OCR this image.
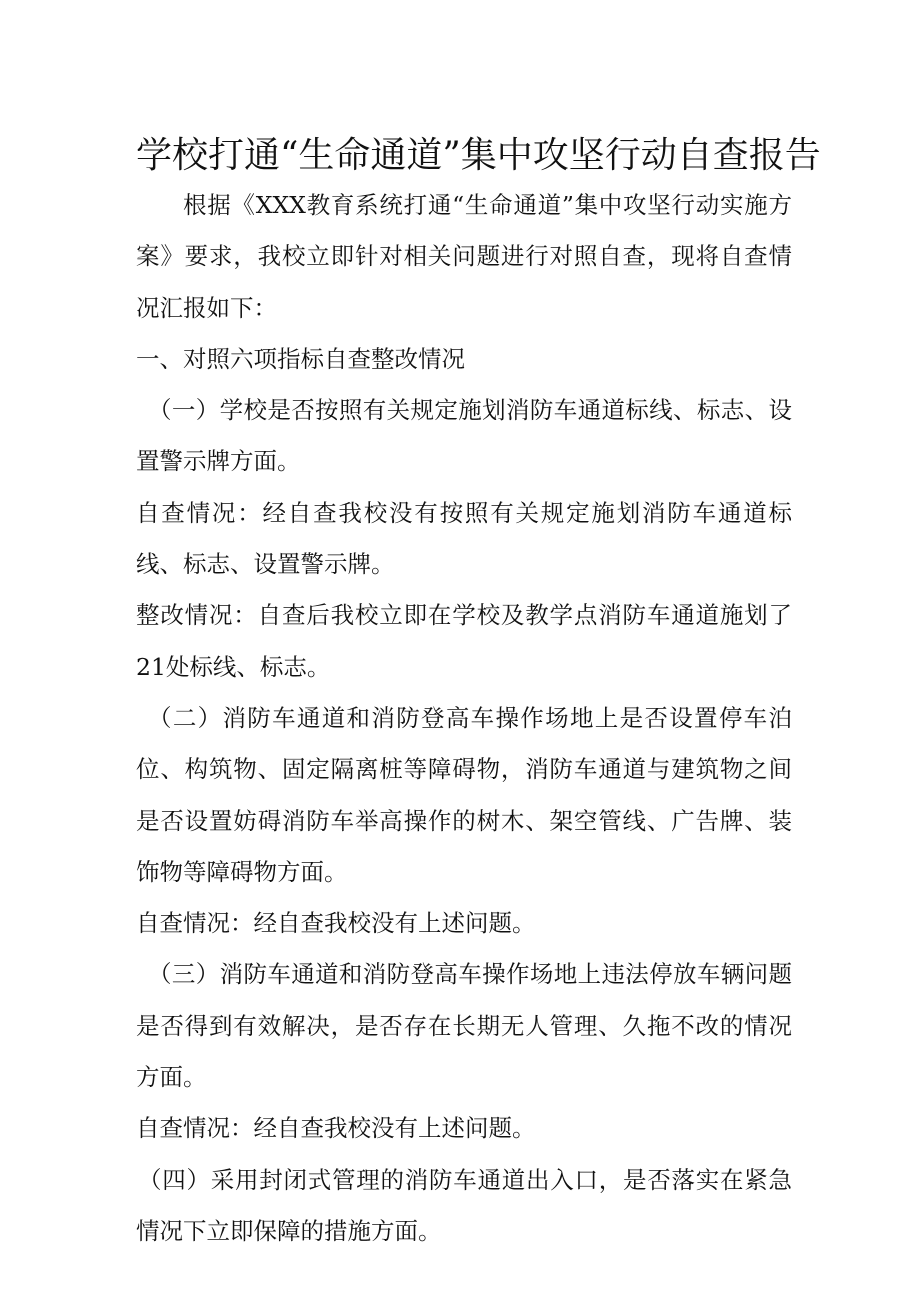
学校打通“生命通道”集中攻坚行动自查报告

根据《XXX教育系统打通“生命通道”集中攻坚行动实施方案》要求，我校立即针对相关问题进行对照自查，现将自查情况汇报如下：

一、对照六项指标自查整改情况

（一）学校是否按照有关规定施划消防车通道标线、标志、设置警示牌方面。

自查情况：经自查我校没有按照有关规定施划消防车通道标线、标志、设置警示牌。

整改情况：自查后我校立即在学校及教学点消防车通道施划了21处标线、标志。

（二）消防车通道和消防登高车操作场地上是否设置停车泊位、构筑物、固定隔离桩等障碍物，消防车通道与建筑物之间是否设置妨碍消防车举高操作的树木、架空管线、广告牌、装饰物等障碍物方面。

自查情况：经自查我校没有上述问题。

（三）消防车通道和消防登高车操作场地上违法停放车辆问题是否得到有效解决，是否存在长期无人管理、久拖不改的情况方面。

自查情况：经自查我校没有上述问题。

（四）采用封闭式管理的消防车通道出入口，是否落实在紧急情况下立即保障的措施方面。
